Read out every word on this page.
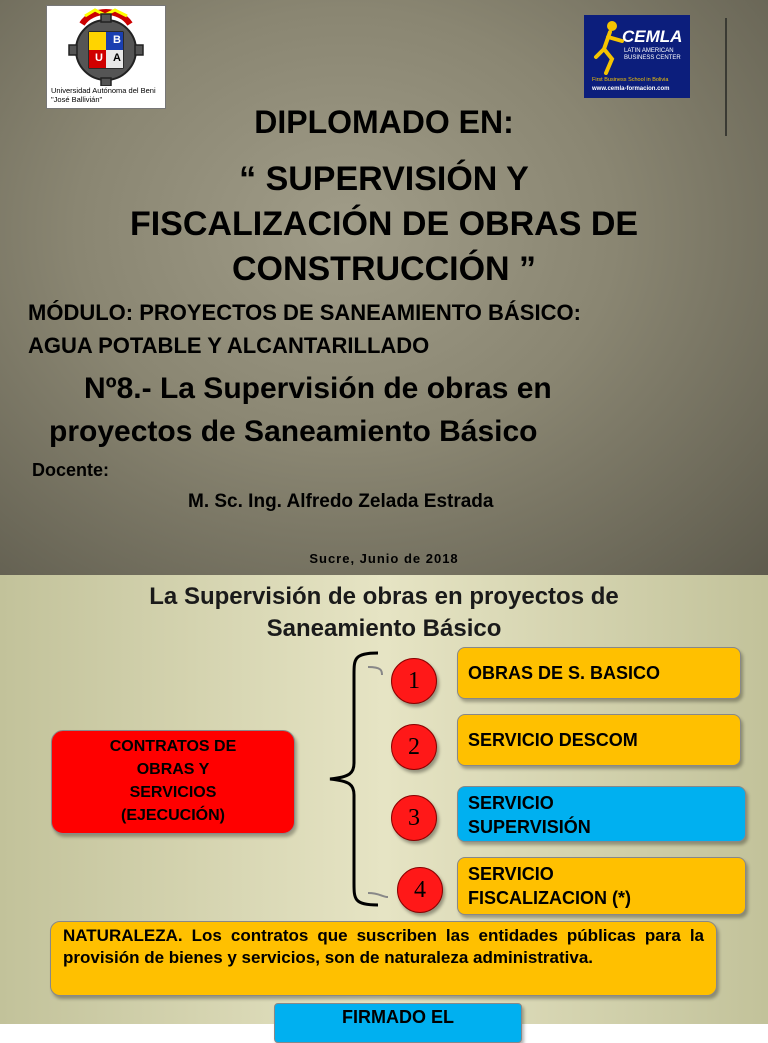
B
A
U
Universidad Autónoma del Beni "José Ballivián"
CEMLA
LATIN AMERICAN
BUSINESS CENTER
First Business School in Bolivia
www.cemla-formacion.com
DIPLOMADO EN:
“ SUPERVISIÓN Y
FISCALIZACIÓN DE OBRAS DE
CONSTRUCCIÓN ”
MÓDULO: PROYECTOS DE SANEAMIENTO BÁSICO:
AGUA POTABLE Y ALCANTARILLADO
Nº8.- La Supervisión de obras en
proyectos de Saneamiento Básico
Docente:
M. Sc. Ing. Alfredo Zelada Estrada
Sucre, Junio de 2018
La Supervisión de obras en proyectos de
Saneamiento Básico
CONTRATOS DE
OBRAS Y
SERVICIOS
(EJECUCIÓN)
1	OBRAS DE S. BASICO
2	SERVICIO DESCOM
3
SERVICIO
SUPERVISIÓN
4
SERVICIO
FISCALIZACION (*)
NATURALEZA. Los contratos que suscriben las entidades públicas para la provisión de bienes y servicios, son de naturaleza administrativa.
FIRMADO EL
